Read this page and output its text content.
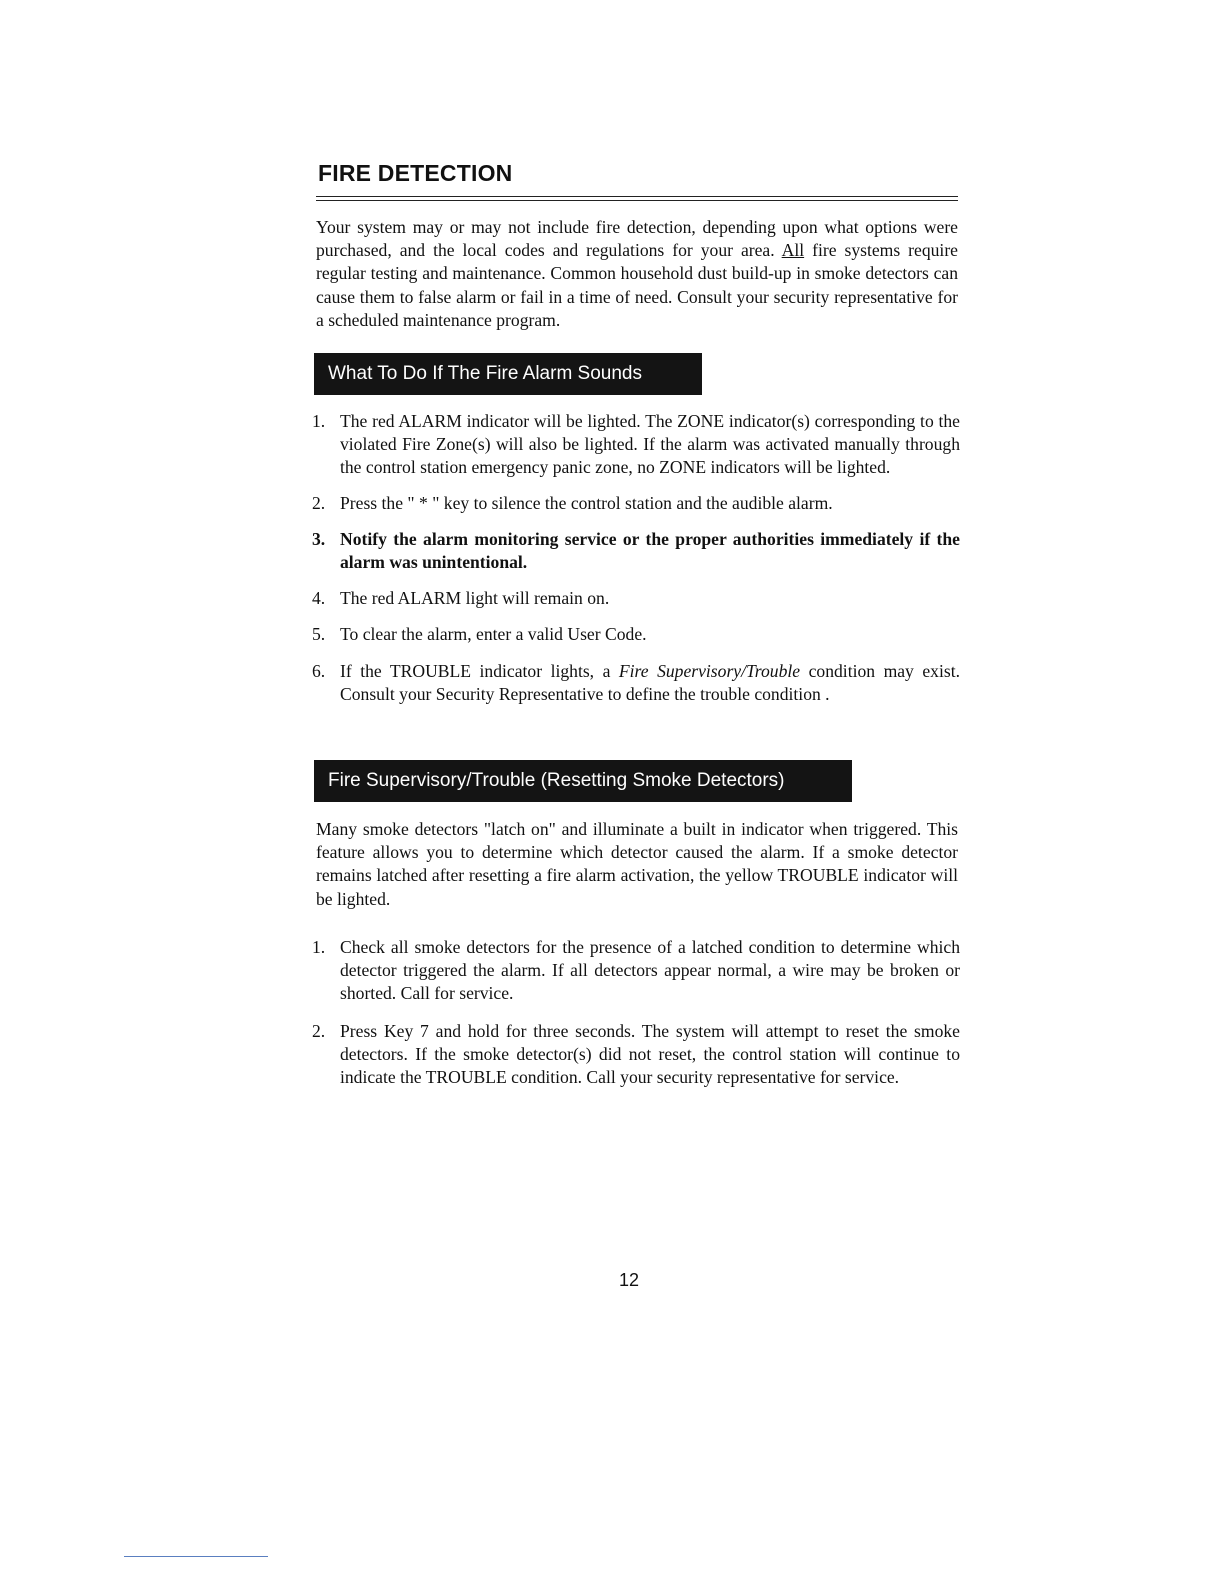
FIRE DETECTION

Your system may or may not include fire detection, depending upon what options were purchased, and the local codes and regulations for your area. All fire systems require regular testing and maintenance. Common household dust build-up in smoke detectors can cause them to false alarm or fail in a time of need. Consult your security representative for a scheduled maintenance program.

What To Do If The Fire Alarm Sounds
1. The red ALARM indicator will be lighted. The ZONE indicator(s) corresponding to the violated Fire Zone(s) will also be lighted. If the alarm was activated manually through the control station emergency panic zone, no ZONE indicators will be lighted.
2. Press the " * " key to silence the control station and the audible alarm.
3. Notify the alarm monitoring service or the proper authorities immediately if the alarm was unintentional.
4. The red ALARM light will remain on.
5. To clear the alarm, enter a valid User Code.
6. If the TROUBLE indicator lights, a Fire Supervisory/Trouble condition may exist. Consult your Security Representative to define the trouble condition .
Fire Supervisory/Trouble (Resetting Smoke Detectors)

Many smoke detectors "latch on" and illuminate a built in indicator when triggered. This feature allows you to determine which detector caused the alarm. If a smoke detector remains latched after resetting a fire alarm activation, the yellow TROUBLE indicator will be lighted.

1. Check all smoke detectors for the presence of a latched condition to determine which detector triggered the alarm. If all detectors appear normal, a wire may be broken or shorted. Call for service.
2. Press Key 7 and hold for three seconds. The system will attempt to reset the smoke detectors. If the smoke detector(s) did not reset, the control station will continue to indicate the TROUBLE condition. Call your security representative for service.
12
